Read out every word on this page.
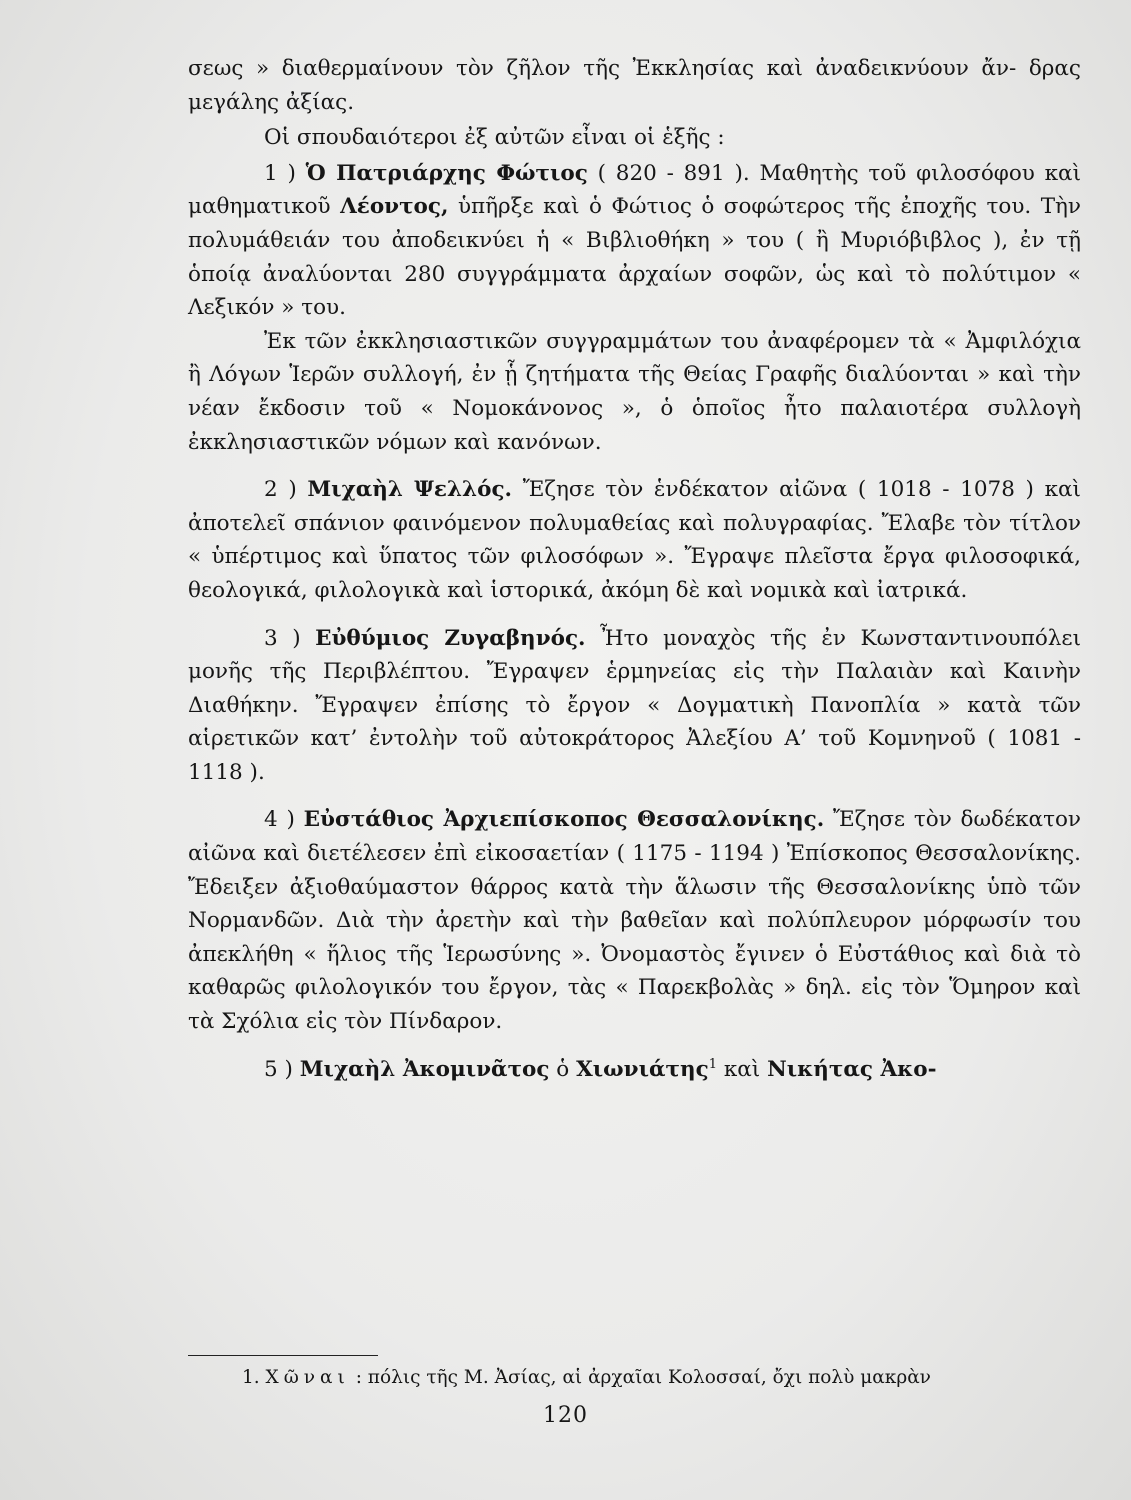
σεως » διαθερμαίνουν τὸν ζῆλον τῆς Ἐκκλησίας καὶ ἀναδεικνύουν ἄν- δρας μεγάλης ἀξίας.

Οἱ σπουδαιότεροι ἐξ αὐτῶν εἶναι οἱ ἑξῆς :

1 ) Ὁ Πατριάρχης Φώτιος ( 820 - 891 ). Μαθητὴς τοῦ φιλοσόφου καὶ μαθηματικοῦ Λέοντος, ὑπῆρξε καὶ ὁ Φώτιος ὁ σοφώτερος τῆς ἐποχῆς του. Τὴν πολυμάθειάν του ἀποδεικνύει ἡ « Βιβλιοθήκη » του ( ἢ Μυριόβιβλος ), ἐν τῇ ὁποίᾳ ἀναλύονται 280 συγγράμματα ἀρχαίων σοφῶν, ὡς καὶ τὸ πολύτιμον « Λεξικόν » του.

Ἐκ τῶν ἐκκλησιαστικῶν συγγραμμάτων του ἀναφέρομεν τὰ « Ἀμφιλόχια ἢ Λόγων Ἱερῶν συλλογή, ἐν ᾗ ζητήματα τῆς Θείας Γραφῆς διαλύονται » καὶ τὴν νέαν ἔκδοσιν τοῦ « Νομοκάνονος », ὁ ὁποῖος ἦτο παλαιοτέρα συλλογὴ ἐκκλησιαστικῶν νόμων καὶ κανόνων.

2 ) Μιχαὴλ Ψελλός. Ἔζησε τὸν ἑνδέκατον αἰῶνα ( 1018 - 1078 ) καὶ ἀποτελεῖ σπάνιον φαινόμενον πολυμαθείας καὶ πολυγραφίας. Ἔλαβε τὸν τίτλον « ὑπέρτιμος καὶ ὕπατος τῶν φιλοσόφων ». Ἔγραψε πλεῖστα ἔργα φιλοσοφικά, θεολογικά, φιλολογικὰ καὶ ἱστορικά, ἀκόμη δὲ καὶ νομικὰ καὶ ἰατρικά.

3 ) Εὐθύμιος Ζυγαβηνός. Ἦτο μοναχὸς τῆς ἐν Κωνσταντινουπόλει μονῆς τῆς Περιβλέπτου. Ἔγραψεν ἑρμηνείας εἰς τὴν Παλαιὰν καὶ Καινὴν Διαθήκην. Ἔγραψεν ἐπίσης τὸ ἔργον « Δογματικὴ Πανοπλία » κατὰ τῶν αἱρετικῶν κατ’ ἐντολὴν τοῦ αὐτοκράτορος Ἀλεξίου Α’ τοῦ Κομνηνοῦ ( 1081 - 1118 ).

4 ) Εὐστάθιος Ἀρχιεπίσκοπος Θεσσαλονίκης. Ἔζησε τὸν δωδέκατον αἰῶνα καὶ διετέλεσεν ἐπὶ εἰκοσαετίαν ( 1175 - 1194 ) Ἐπίσκοπος Θεσσαλονίκης. Ἔδειξεν ἀξιοθαύμαστον θάρρος κατὰ τὴν ἅλωσιν τῆς Θεσσαλονίκης ὑπὸ τῶν Νορμανδῶν. Διὰ τὴν ἀρετὴν καὶ τὴν βαθεῖαν καὶ πολύπλευρον μόρφωσίν του ἀπεκλήθη « ἥλιος τῆς Ἱερωσύνης ». Ὀνομαστὸς ἔγινεν ὁ Εὐστάθιος καὶ διὰ τὸ καθαρῶς φιλολογικόν του ἔργον, τὰς « Παρεκβολὰς » δηλ. εἰς τὸν Ὅμηρον καὶ τὰ Σχόλια εἰς τὸν Πίνδαρον.

5 ) Μιχαὴλ Ἀκομινᾶτος ὁ Χιωνιάτης$^1$ καὶ Νικήτας Ἀκο-

1. Χῶναι : πόλις τῆς Μ. Ἀσίας, αἱ ἀρχαῖαι Κολοσσαί, ὄχι πολὺ μακρὰν
120
